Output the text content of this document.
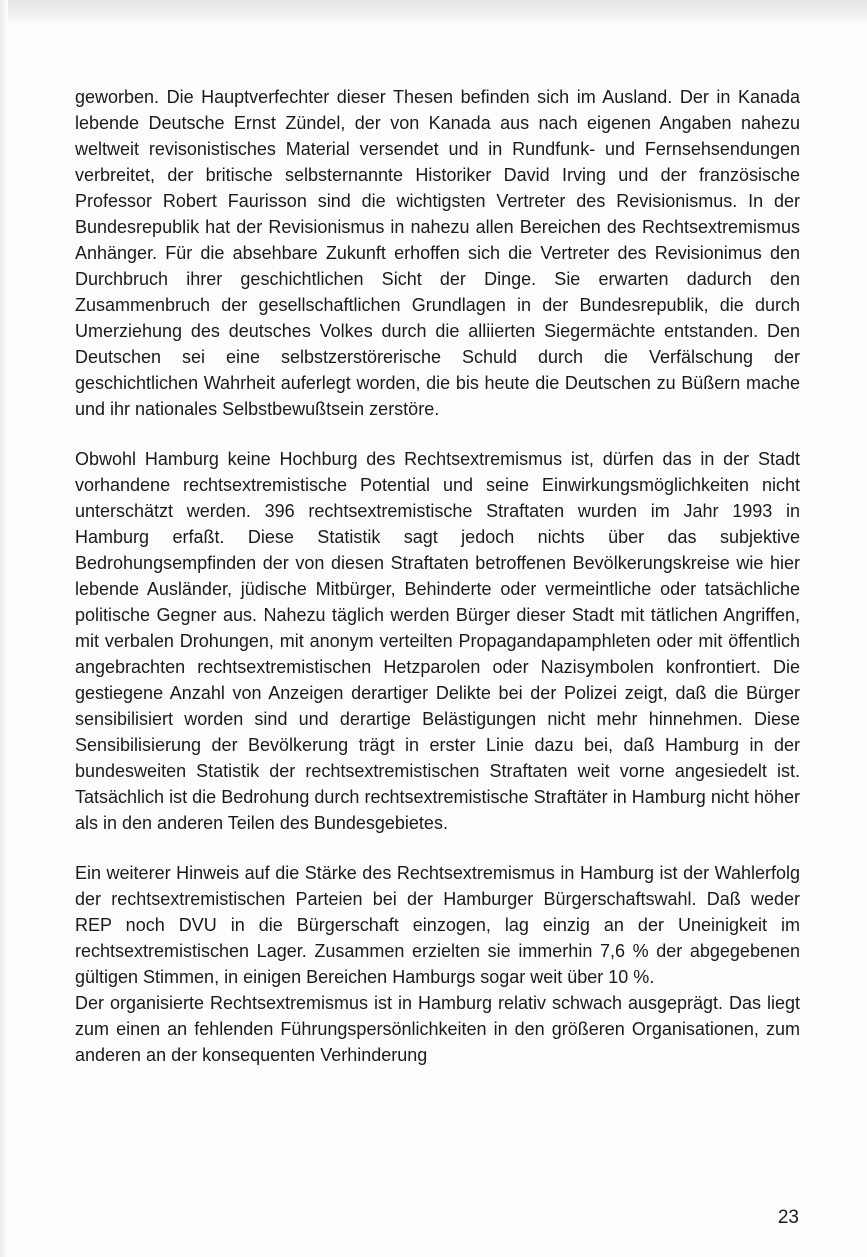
geworben. Die Hauptverfechter dieser Thesen befinden sich im Ausland. Der in Kanada lebende Deutsche Ernst Zündel, der von Kanada aus nach eigenen Angaben nahezu weltweit revisonistisches Material versendet und in Rundfunk- und Fernsehsendungen verbreitet, der britische selbsternannte Historiker David Irving und der französische Professor Robert Faurisson sind die wichtigsten Vertreter des Revisionismus. In der Bundesrepublik hat der Revisionismus in nahezu allen Bereichen des Rechtsextremismus Anhänger. Für die absehbare Zukunft erhoffen sich die Vertreter des Revisionimus den Durchbruch ihrer geschichtlichen Sicht der Dinge. Sie erwarten dadurch den Zusammenbruch der gesellschaftlichen Grundlagen in der Bundesrepublik, die durch Umerziehung des deutsches Volkes durch die alliierten Siegermächte entstanden. Den Deutschen sei eine selbstzerstörerische Schuld durch die Verfälschung der geschichtlichen Wahrheit auferlegt worden, die bis heute die Deutschen zu Büßern mache und ihr nationales Selbstbewußtsein zerstöre.

Obwohl Hamburg keine Hochburg des Rechtsextremismus ist, dürfen das in der Stadt vorhandene rechtsextremistische Potential und seine Einwirkungsmöglichkeiten nicht unterschätzt werden. 396 rechtsextremistische Straftaten wurden im Jahr 1993 in Hamburg erfaßt. Diese Statistik sagt jedoch nichts über das subjektive Bedrohungsempfinden der von diesen Straftaten betroffenen Bevölkerungskreise wie hier lebende Ausländer, jüdische Mitbürger, Behinderte oder vermeintliche oder tatsächliche politische Gegner aus. Nahezu täglich werden Bürger dieser Stadt mit tätlichen Angriffen, mit verbalen Drohungen, mit anonym verteilten Propagandapamphleten oder mit öffentlich angebrachten rechtsextremistischen Hetzparolen oder Nazisymbolen konfrontiert. Die gestiegene Anzahl von Anzeigen derartiger Delikte bei der Polizei zeigt, daß die Bürger sensibilisiert worden sind und derartige Belästigungen nicht mehr hinnehmen. Diese Sensibilisierung der Bevölkerung trägt in erster Linie dazu bei, daß Hamburg in der bundesweiten Statistik der rechtsextremistischen Straftaten weit vorne angesiedelt ist. Tatsächlich ist die Bedrohung durch rechtsextremistische Straftäter in Hamburg nicht höher als in den anderen Teilen des Bundesgebietes.

Ein weiterer Hinweis auf die Stärke des Rechtsextremismus in Hamburg ist der Wahlerfolg der rechtsextremistischen Parteien bei der Hamburger Bürgerschaftswahl. Daß weder REP noch DVU in die Bürgerschaft einzogen, lag einzig an der Uneinigkeit im rechtsextremistischen Lager. Zusammen erzielten sie immerhin 7,6 % der abgegebenen gültigen Stimmen, in einigen Bereichen Hamburgs sogar weit über 10 %.

Der organisierte Rechtsextremismus ist in Hamburg relativ schwach ausgeprägt. Das liegt zum einen an fehlenden Führungspersönlichkeiten in den größeren Organisationen, zum anderen an der konsequenten Verhinderung

23
